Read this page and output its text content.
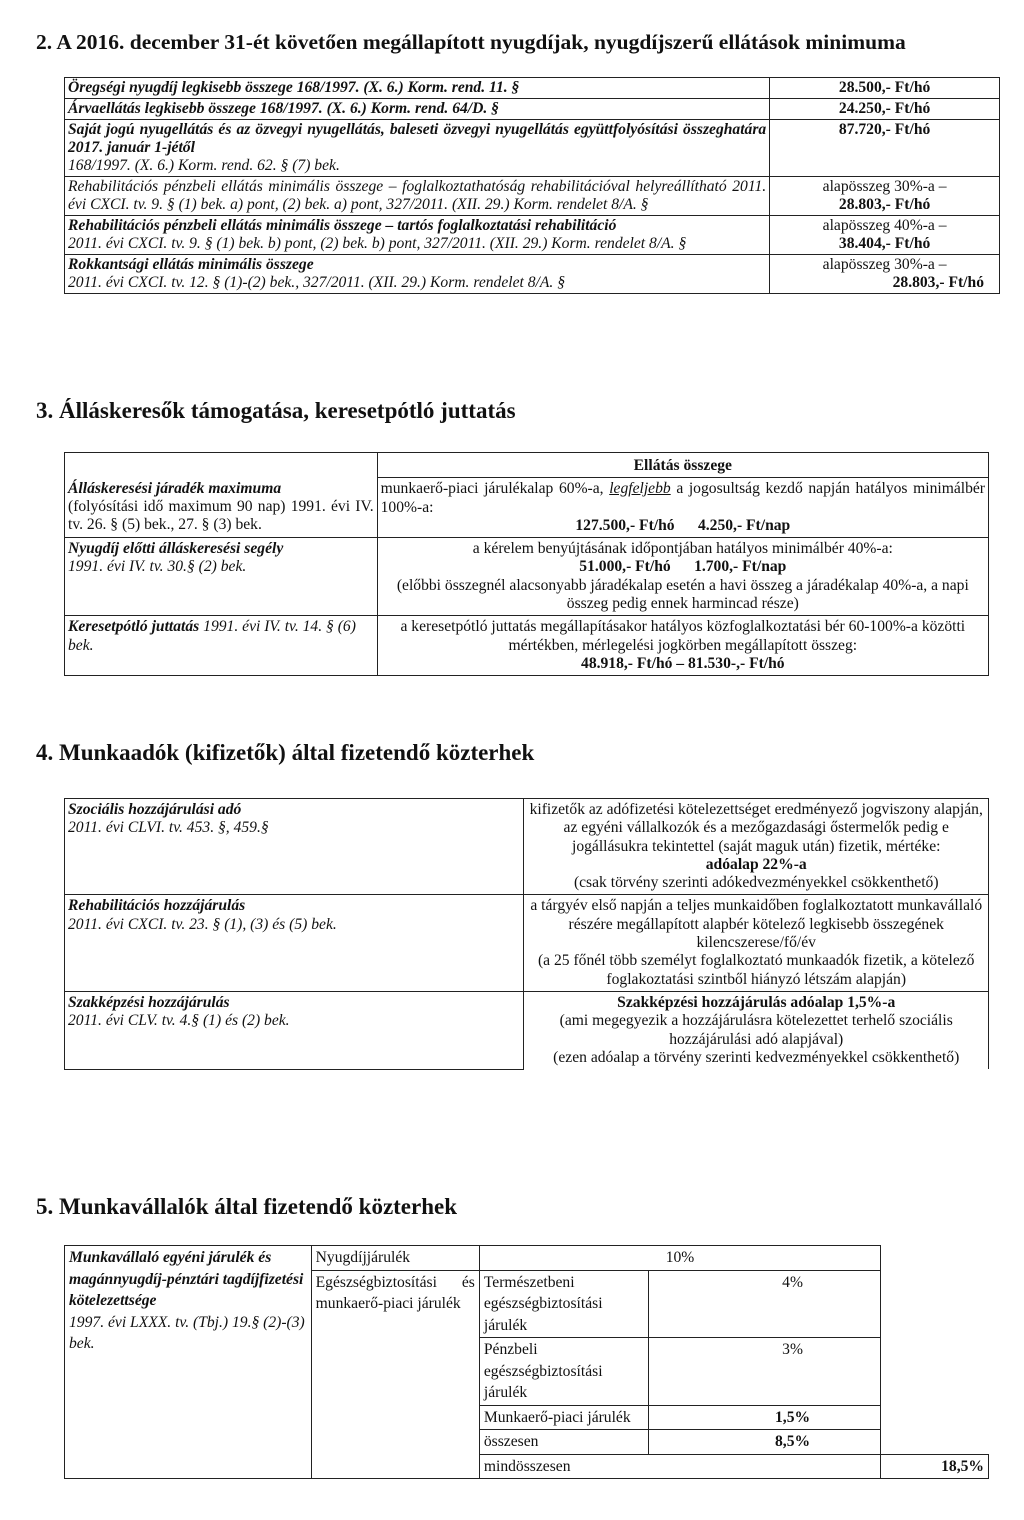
2. A 2016. december 31-ét követően megállapított nyugdíjak, nyugdíjszerű ellátások minimuma
Öregségi nyugdíj legkisebb összege 168/1997. (X. 6.) Korm. rend. 11. §	28.500,- Ft/hó

Árvaellátás legkisebb összege 168/1997. (X. 6.) Korm. rend. 64/D. §	24.250,- Ft/hó

Saját jogú nyugellátás és az özvegyi nyugellátás, baleseti özvegyi nyugellátás együttfolyósítási összeghatára 2017. január 1-jétől
168/1997. (X. 6.) Korm. rend. 62. § (7) bek.	87.720,- Ft/hó

Rehabilitációs pénzbeli ellátás minimális összege – foglalkoztathatóság rehabilitációval helyreállítható 2011. évi CXCI. tv. 9. § (1) bek. a) pont, (2) bek. a) pont, 327/2011. (XII. 29.) Korm. rendelet 8/A. §	alapösszeg 30%-a –
28.803,- Ft/hó

Rehabilitációs pénzbeli ellátás minimális összege – tartós foglalkoztatási rehabilitáció
2011. évi CXCI. tv. 9. § (1) bek. b) pont, (2) bek. b) pont, 327/2011. (XII. 29.) Korm. rendelet 8/A. §	alapösszeg 40%-a –
38.404,- Ft/hó

Rokkantsági ellátás minimális összege
2011. évi CXCI. tv. 12. § (1)-(2) bek., 327/2011. (XII. 29.) Korm. rendelet 8/A. §	alapösszeg 30%-a –
28.803,- Ft/hó
3. Álláskeresők támogatása, keresetpótló juttatás
	Ellátás összege

Álláskeresési járadék maximuma
(folyósítási idő maximum 90 nap) 1991. évi IV. tv. 26. § (5) bek., 27. § (3) bek.	munkaerő-piaci járulékalap 60%-a, legfeljebb a jogosultság kezdő napján hatályos minimálbér 100%-a:
127.500,- Ft/hó      4.250,- Ft/nap

Nyugdíj előtti álláskeresési segély
1991. évi IV. tv. 30.§ (2) bek.	a kérelem benyújtásának időpontjában hatályos minimálbér 40%-a:
51.000,- Ft/hó      1.700,- Ft/nap
(előbbi összegnél alacsonyabb járadékalap esetén a havi összeg a járadékalap 40%-a, a napi összeg pedig ennek harmincad része)

Keresetpótló juttatás 1991. évi IV. tv. 14. § (6) bek.	a keresetpótló juttatás megállapításakor hatályos közfoglalkoztatási bér 60-100%-a közötti mértékben, mérlegelési jogkörben megállapított összeg:
48.918,- Ft/hó – 81.530-,- Ft/hó
4. Munkaadók (kifizetők) által fizetendő közterhek
Szociális hozzájárulási adó
2011. évi CLVI. tv. 453. §, 459.§	kifizetők az adófizetési kötelezettséget eredményező jogviszony alapján, az egyéni vállalkozók és a mezőgazdasági őstermelők pedig e jogállásukra tekintettel (saját maguk után) fizetik, mértéke:
adóalap 22%-a
(csak törvény szerinti adókedvezményekkel csökkenthető)

Rehabilitációs hozzájárulás
2011. évi CXCI. tv. 23. § (1), (3) és (5) bek.	a tárgyév első napján a teljes munkaidőben foglalkoztatott munkavállaló részére megállapított alapbér kötelező legkisebb összegének kilencszerese/fő/év
(a 25 főnél több személyt foglalkoztató munkaadók fizetik, a kötelező foglakoztatási szintből hiányzó létszám alapján)

Szakképzési hozzájárulás
2011. évi CLV. tv. 4.§ (1) és (2) bek.	Szakképzési hozzájárulás adóalap 1,5%-a
(ami megegyezik a hozzájárulásra kötelezettet terhelő szociális hozzájárulási adó alapjával)
(ezen adóalap a törvény szerinti kedvezményekkel csökkenthető)
5. Munkavállalók által fizetendő közterhek
Munkavállaló egyéni járulék és magánnyugdíj-pénztári tagdíjfizetési kötelezettsége
1997. évi LXXX. tv. (Tbj.) 19.§ (2)-(3) bek.	Nyugdíjjárulék	10%		
	Egészségbiztosítási és munkaerő-piaci járulék	Természetbeni egészségbiztosítási járulék	4%	
		Pénzbeli egészségbiztosítási járulék	3%	
		Munkaerő-piaci járulék	1,5%	
		összesen	8,5%	
		mindösszesen		18,5%
